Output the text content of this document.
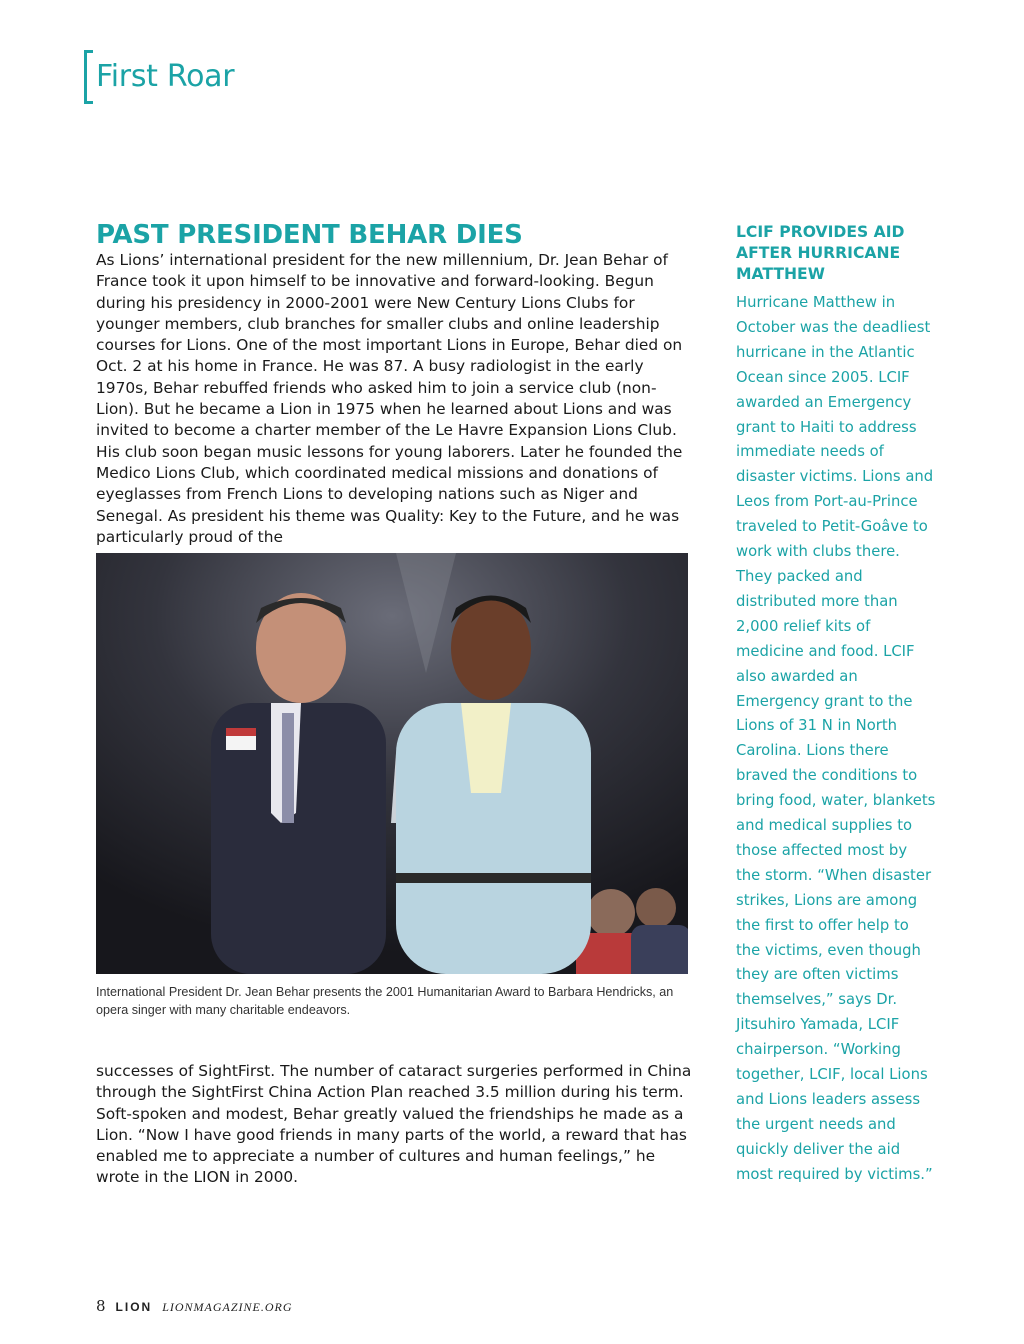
First Roar
PAST PRESIDENT BEHAR DIES

As Lions’ international president for the new millennium, Dr. Jean Behar of France took it upon himself to be innovative and forward-looking. Begun during his presidency in 2000-2001 were New Century Lions Clubs for younger members, club branches for smaller clubs and online leadership courses for Lions. One of the most important Lions in Europe, Behar died on Oct. 2 at his home in France. He was 87. A busy radiologist in the early 1970s, Behar rebuffed friends who asked him to join a service club (non-Lion). But he became a Lion in 1975 when he learned about Lions and was invited to become a charter member of the Le Havre Expansion Lions Club. His club soon began music lessons for young laborers. Later he founded the Medico Lions Club, which coordinated medical missions and donations of eyeglasses from French Lions to developing nations such as Niger and Senegal. As president his theme was Quality: Key to the Future, and he was particularly proud of the

International President Dr. Jean Behar presents the 2001 Humanitarian Award to Barbara Hendricks, an opera singer with many charitable endeavors.

successes of SightFirst. The number of cataract surgeries performed in China through the SightFirst China Action Plan reached 3.5 million during his term. Soft-spoken and modest, Behar greatly valued the friendships he made as a Lion. “Now I have good friends in many parts of the world, a reward that has enabled me to appreciate a number of cultures and human feelings,” he wrote in the LION in 2000.

LCIF PROVIDES AID AFTER HURRICANE MATTHEW

Hurricane Matthew in October was the deadliest hurricane in the Atlantic Ocean since 2005. LCIF awarded an Emergency grant to Haiti to address immediate needs of disaster victims. Lions and Leos from Port-au-Prince traveled to Petit-Goâve to work with clubs there. They packed and distributed more than 2,000 relief kits of medicine and food. LCIF also awarded an Emergency grant to the Lions of 31 N in North Carolina. Lions there braved the conditions to bring food, water, blankets and medical supplies to those affected most by the storm. “When disaster strikes, Lions are among the first to offer help to the victims, even though they are often victims themselves,” says Dr. Jitsuhiro Yamada, LCIF chairperson. “Working together, LCIF, local Lions and Lions leaders assess the urgent needs and quickly deliver the aid most required by victims.”

8 LION LIONMAGAZINE.ORG
